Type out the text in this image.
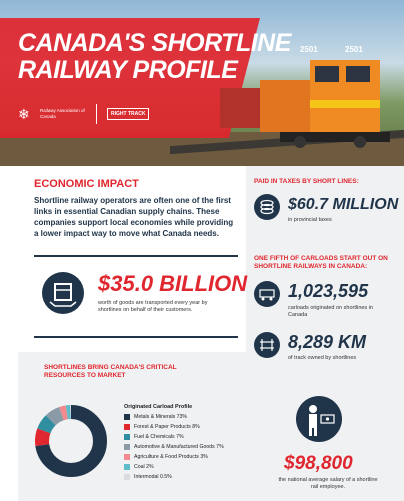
2501	2501
CANADA'S SHORTLINE
RAILWAY PROFILE
❄	Railway Association of Canada	RIGHT TRACK
ECONOMIC IMPACT
Shortline railway operators are often one of the first links in essential Canadian supply chains. These companies support local economies while providing a lower impact way to move what Canada needs.
$35.0 BILLION
worth of goods are transported every year by shortlines on behalf of their customers.
SHORTLINES BRING CANADA'S CRITICAL RESOURCES TO MARKET
Originated Carload Profile
Metals & Minerals 73%
Forest & Paper Products 8%
Fuel & Chemicals 7%
Automotive & Manufactured Goods 7%
Agriculture & Food Products 3%
Coal 2%
Intermodal 0.5%
PAID IN TAXES BY SHORT LINES:
$60.7 MILLION
in provincial taxes
ONE FIFTH OF CARLOADS START OUT ON SHORTLINE RAILWAYS IN CANADA:
1,023,595
carloads originated on shortlines in Canada
8,289 KM
of track owned by shortlines
$98,800
the national average salary of a shortline rail employee.
